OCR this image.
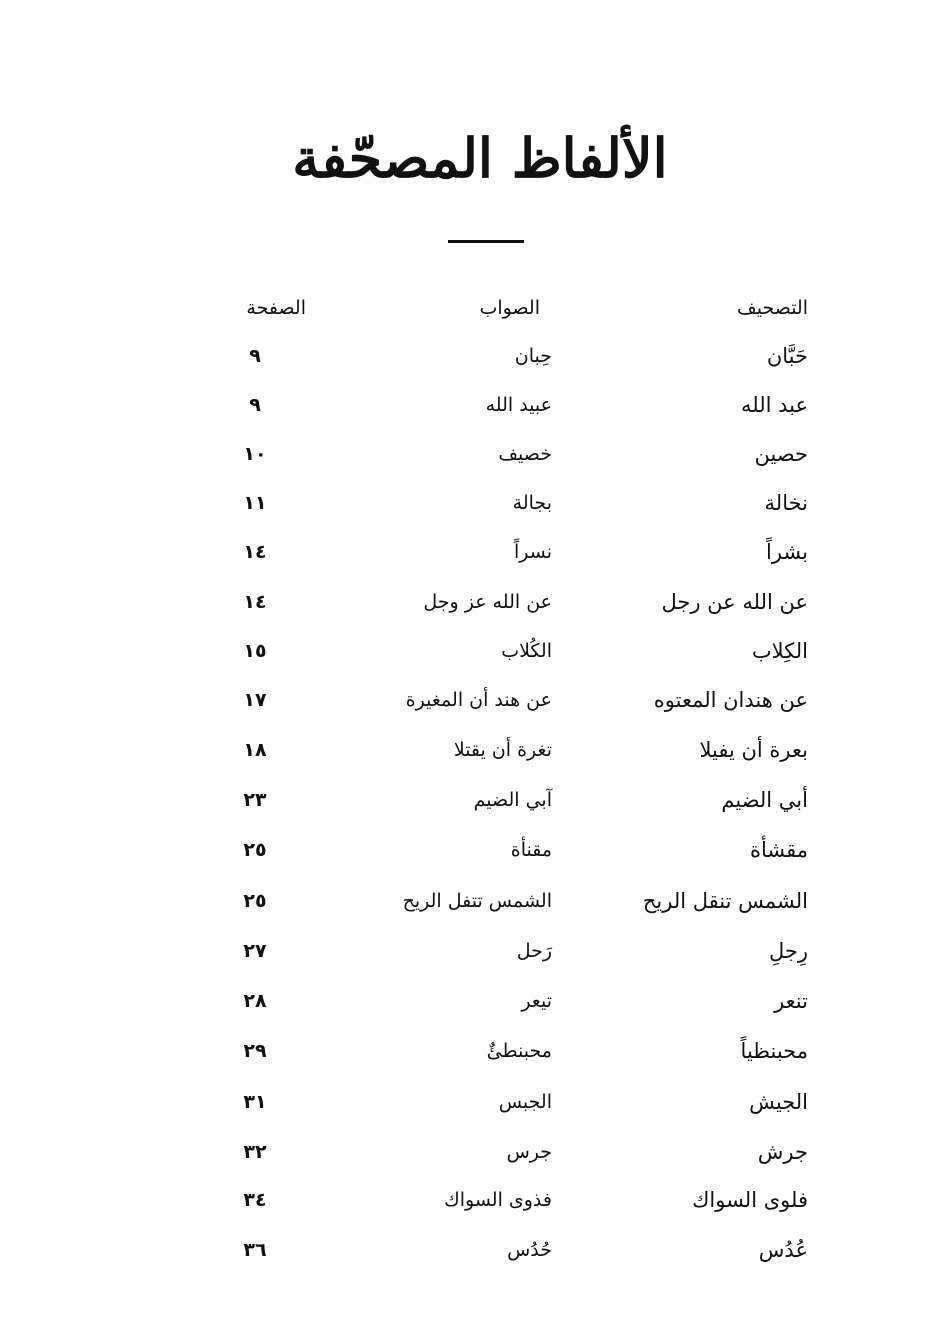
الألفاظ المصحّفة
التصحيف
الصواب
الصفحة
حَبَّان
حِبان
٩
عبد الله
عبيد الله
٩
حصين
خصيف
١٠
نخالة
بجالة
١١
بشراً
نسراً
١٤
عن الله عن رجل
عن الله عز وجل
١٤
الكِلاب
الكُلاب
١٥
عن هندان المعتوه
عن هند أن المغيرة
١٧
بعرة أن يفيلا
تغرة أن يقتلا
١٨
أبي الضيم
آبي الضيم
٢٣
مقشأة
مقنأة
٢٥
الشمس تنقل الريح
الشمس تتفل الريح
٢٥
رِجلِ
رَحل
٢٧
تنعر
تيعر
٢٨
محبنظياً
محبنطئٌ
٢٩
الجيش
الجبس
٣١
جرش
جرس
٣٢
فلوى السواك
فذوى السواك
٣٤
عُدُس
حُدُس
٣٦
